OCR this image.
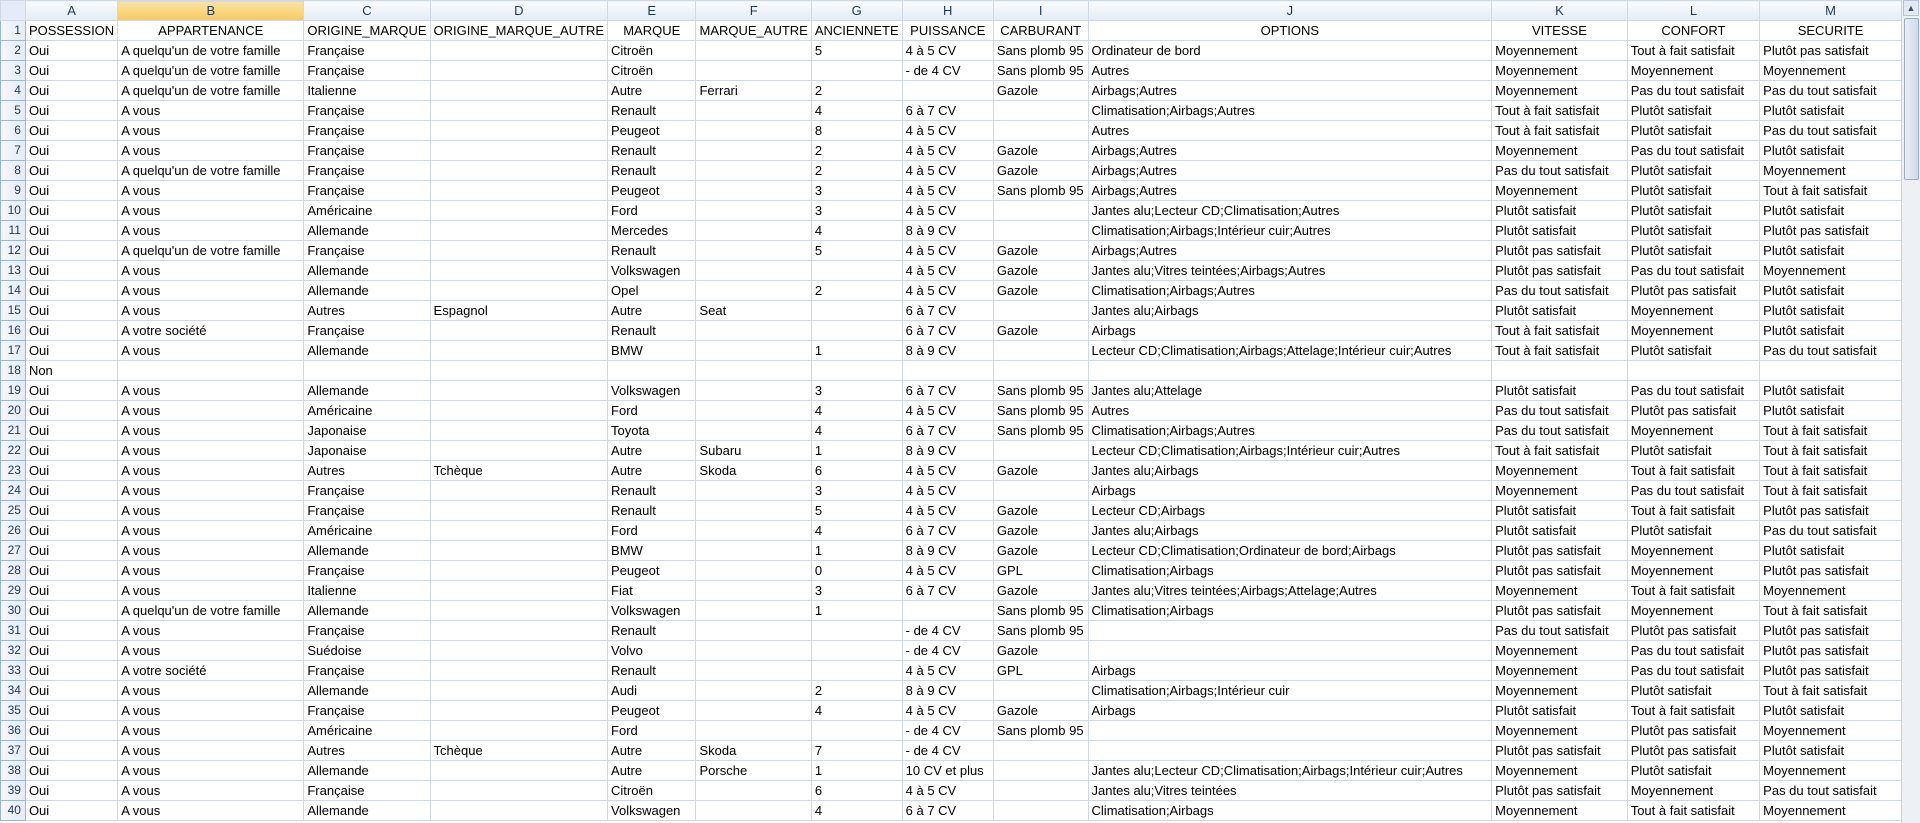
	A	B	C	D	E	F	G	H	I	J	K	L	M
1	POSSESSION	APPARTENANCE	ORIGINE_MARQUE	ORIGINE_MARQUE_AUTRE	MARQUE	MARQUE_AUTRE	ANCIENNETE	PUISSANCE	CARBURANT	OPTIONS	VITESSE	CONFORT	SECURITE
2	Oui	A quelqu'un de votre famille	Française		Citroën		5	4 à 5 CV	Sans plomb 95	Ordinateur de bord	Moyennement	Tout à fait satisfait	Plutôt pas satisfait
3	Oui	A quelqu'un de votre famille	Française		Citroën			- de 4 CV	Sans plomb 95	Autres	Moyennement	Moyennement	Moyennement
4	Oui	A quelqu'un de votre famille	Italienne		Autre	Ferrari	2		Gazole	Airbags;Autres	Moyennement	Pas du tout satisfait	Pas du tout satisfait
5	Oui	A vous	Française		Renault		4	6 à 7 CV		Climatisation;Airbags;Autres	Tout à fait satisfait	Plutôt satisfait	Plutôt satisfait
6	Oui	A vous	Française		Peugeot		8	4 à 5 CV		Autres	Tout à fait satisfait	Plutôt satisfait	Pas du tout satisfait
7	Oui	A vous	Française		Renault		2	4 à 5 CV	Gazole	Airbags;Autres	Moyennement	Pas du tout satisfait	Plutôt satisfait
8	Oui	A quelqu'un de votre famille	Française		Renault		2	4 à 5 CV	Gazole	Airbags;Autres	Pas du tout satisfait	Plutôt satisfait	Moyennement
9	Oui	A vous	Française		Peugeot		3	4 à 5 CV	Sans plomb 95	Airbags;Autres	Moyennement	Plutôt satisfait	Tout à fait satisfait
10	Oui	A vous	Américaine		Ford		3	4 à 5 CV		Jantes alu;Lecteur CD;Climatisation;Autres	Plutôt satisfait	Plutôt satisfait	Plutôt satisfait
11	Oui	A vous	Allemande		Mercedes		4	8 à 9 CV		Climatisation;Airbags;Intérieur cuir;Autres	Plutôt satisfait	Plutôt satisfait	Plutôt pas satisfait
12	Oui	A quelqu'un de votre famille	Française		Renault		5	4 à 5 CV	Gazole	Airbags;Autres	Plutôt pas satisfait	Plutôt satisfait	Plutôt satisfait
13	Oui	A vous	Allemande		Volkswagen			4 à 5 CV	Gazole	Jantes alu;Vitres teintées;Airbags;Autres	Plutôt pas satisfait	Pas du tout satisfait	Moyennement
14	Oui	A vous	Allemande		Opel		2	4 à 5 CV	Gazole	Climatisation;Airbags;Autres	Pas du tout satisfait	Plutôt pas satisfait	Plutôt satisfait
15	Oui	A vous	Autres	Espagnol	Autre	Seat		6 à 7 CV		Jantes alu;Airbags	Plutôt satisfait	Moyennement	Plutôt satisfait
16	Oui	A votre société	Française		Renault			6 à 7 CV	Gazole	Airbags	Tout à fait satisfait	Moyennement	Plutôt satisfait
17	Oui	A vous	Allemande		BMW		1	8 à 9 CV		Lecteur CD;Climatisation;Airbags;Attelage;Intérieur cuir;Autres	Tout à fait satisfait	Plutôt satisfait	Pas du tout satisfait
18	Non												
19	Oui	A vous	Allemande		Volkswagen		3	6 à 7 CV	Sans plomb 95	Jantes alu;Attelage	Plutôt satisfait	Pas du tout satisfait	Plutôt satisfait
20	Oui	A vous	Américaine		Ford		4	4 à 5 CV	Sans plomb 95	Autres	Pas du tout satisfait	Plutôt pas satisfait	Plutôt satisfait
21	Oui	A vous	Japonaise		Toyota		4	6 à 7 CV	Sans plomb 95	Climatisation;Airbags;Autres	Pas du tout satisfait	Moyennement	Tout à fait satisfait
22	Oui	A vous	Japonaise		Autre	Subaru	1	8 à 9 CV		Lecteur CD;Climatisation;Airbags;Intérieur cuir;Autres	Tout à fait satisfait	Plutôt satisfait	Tout à fait satisfait
23	Oui	A vous	Autres	Tchèque	Autre	Skoda	6	4 à 5 CV	Gazole	Jantes alu;Airbags	Moyennement	Tout à fait satisfait	Tout à fait satisfait
24	Oui	A vous	Française		Renault		3	4 à 5 CV		Airbags	Moyennement	Pas du tout satisfait	Tout à fait satisfait
25	Oui	A vous	Française		Renault		5	4 à 5 CV	Gazole	Lecteur CD;Airbags	Plutôt satisfait	Tout à fait satisfait	Plutôt pas satisfait
26	Oui	A vous	Américaine		Ford		4	6 à 7 CV	Gazole	Jantes alu;Airbags	Plutôt satisfait	Plutôt satisfait	Pas du tout satisfait
27	Oui	A vous	Allemande		BMW		1	8 à 9 CV	Gazole	Lecteur CD;Climatisation;Ordinateur de bord;Airbags	Plutôt pas satisfait	Moyennement	Plutôt satisfait
28	Oui	A vous	Française		Peugeot		0	4 à 5 CV	GPL	Climatisation;Airbags	Plutôt pas satisfait	Moyennement	Plutôt pas satisfait
29	Oui	A vous	Italienne		Fiat		3	6 à 7 CV	Gazole	Jantes alu;Vitres teintées;Airbags;Attelage;Autres	Moyennement	Tout à fait satisfait	Moyennement
30	Oui	A quelqu'un de votre famille	Allemande		Volkswagen		1		Sans plomb 95	Climatisation;Airbags	Plutôt pas satisfait	Moyennement	Tout à fait satisfait
31	Oui	A vous	Française		Renault			- de 4 CV	Sans plomb 95		Pas du tout satisfait	Plutôt pas satisfait	Plutôt pas satisfait
32	Oui	A vous	Suédoise		Volvo			- de 4 CV	Gazole		Moyennement	Pas du tout satisfait	Plutôt pas satisfait
33	Oui	A votre société	Française		Renault			4 à 5 CV	GPL	Airbags	Moyennement	Pas du tout satisfait	Plutôt pas satisfait
34	Oui	A vous	Allemande		Audi		2	8 à 9 CV		Climatisation;Airbags;Intérieur cuir	Moyennement	Plutôt satisfait	Tout à fait satisfait
35	Oui	A vous	Française		Peugeot		4	4 à 5 CV	Gazole	Airbags	Plutôt satisfait	Tout à fait satisfait	Plutôt satisfait
36	Oui	A vous	Américaine		Ford			- de 4 CV	Sans plomb 95		Moyennement	Plutôt pas satisfait	Moyennement
37	Oui	A vous	Autres	Tchèque	Autre	Skoda	7	- de 4 CV			Plutôt pas satisfait	Plutôt pas satisfait	Plutôt satisfait
38	Oui	A vous	Allemande		Autre	Porsche	1	10 CV et plus		Jantes alu;Lecteur CD;Climatisation;Airbags;Intérieur cuir;Autres	Moyennement	Plutôt satisfait	Moyennement
39	Oui	A vous	Française		Citroën		6	4 à 5 CV		Jantes alu;Vitres teintées	Plutôt pas satisfait	Moyennement	Pas du tout satisfait
40	Oui	A vous	Allemande		Volkswagen		4	6 à 7 CV		Climatisation;Airbags	Moyennement	Tout à fait satisfait	Moyennement
▲
